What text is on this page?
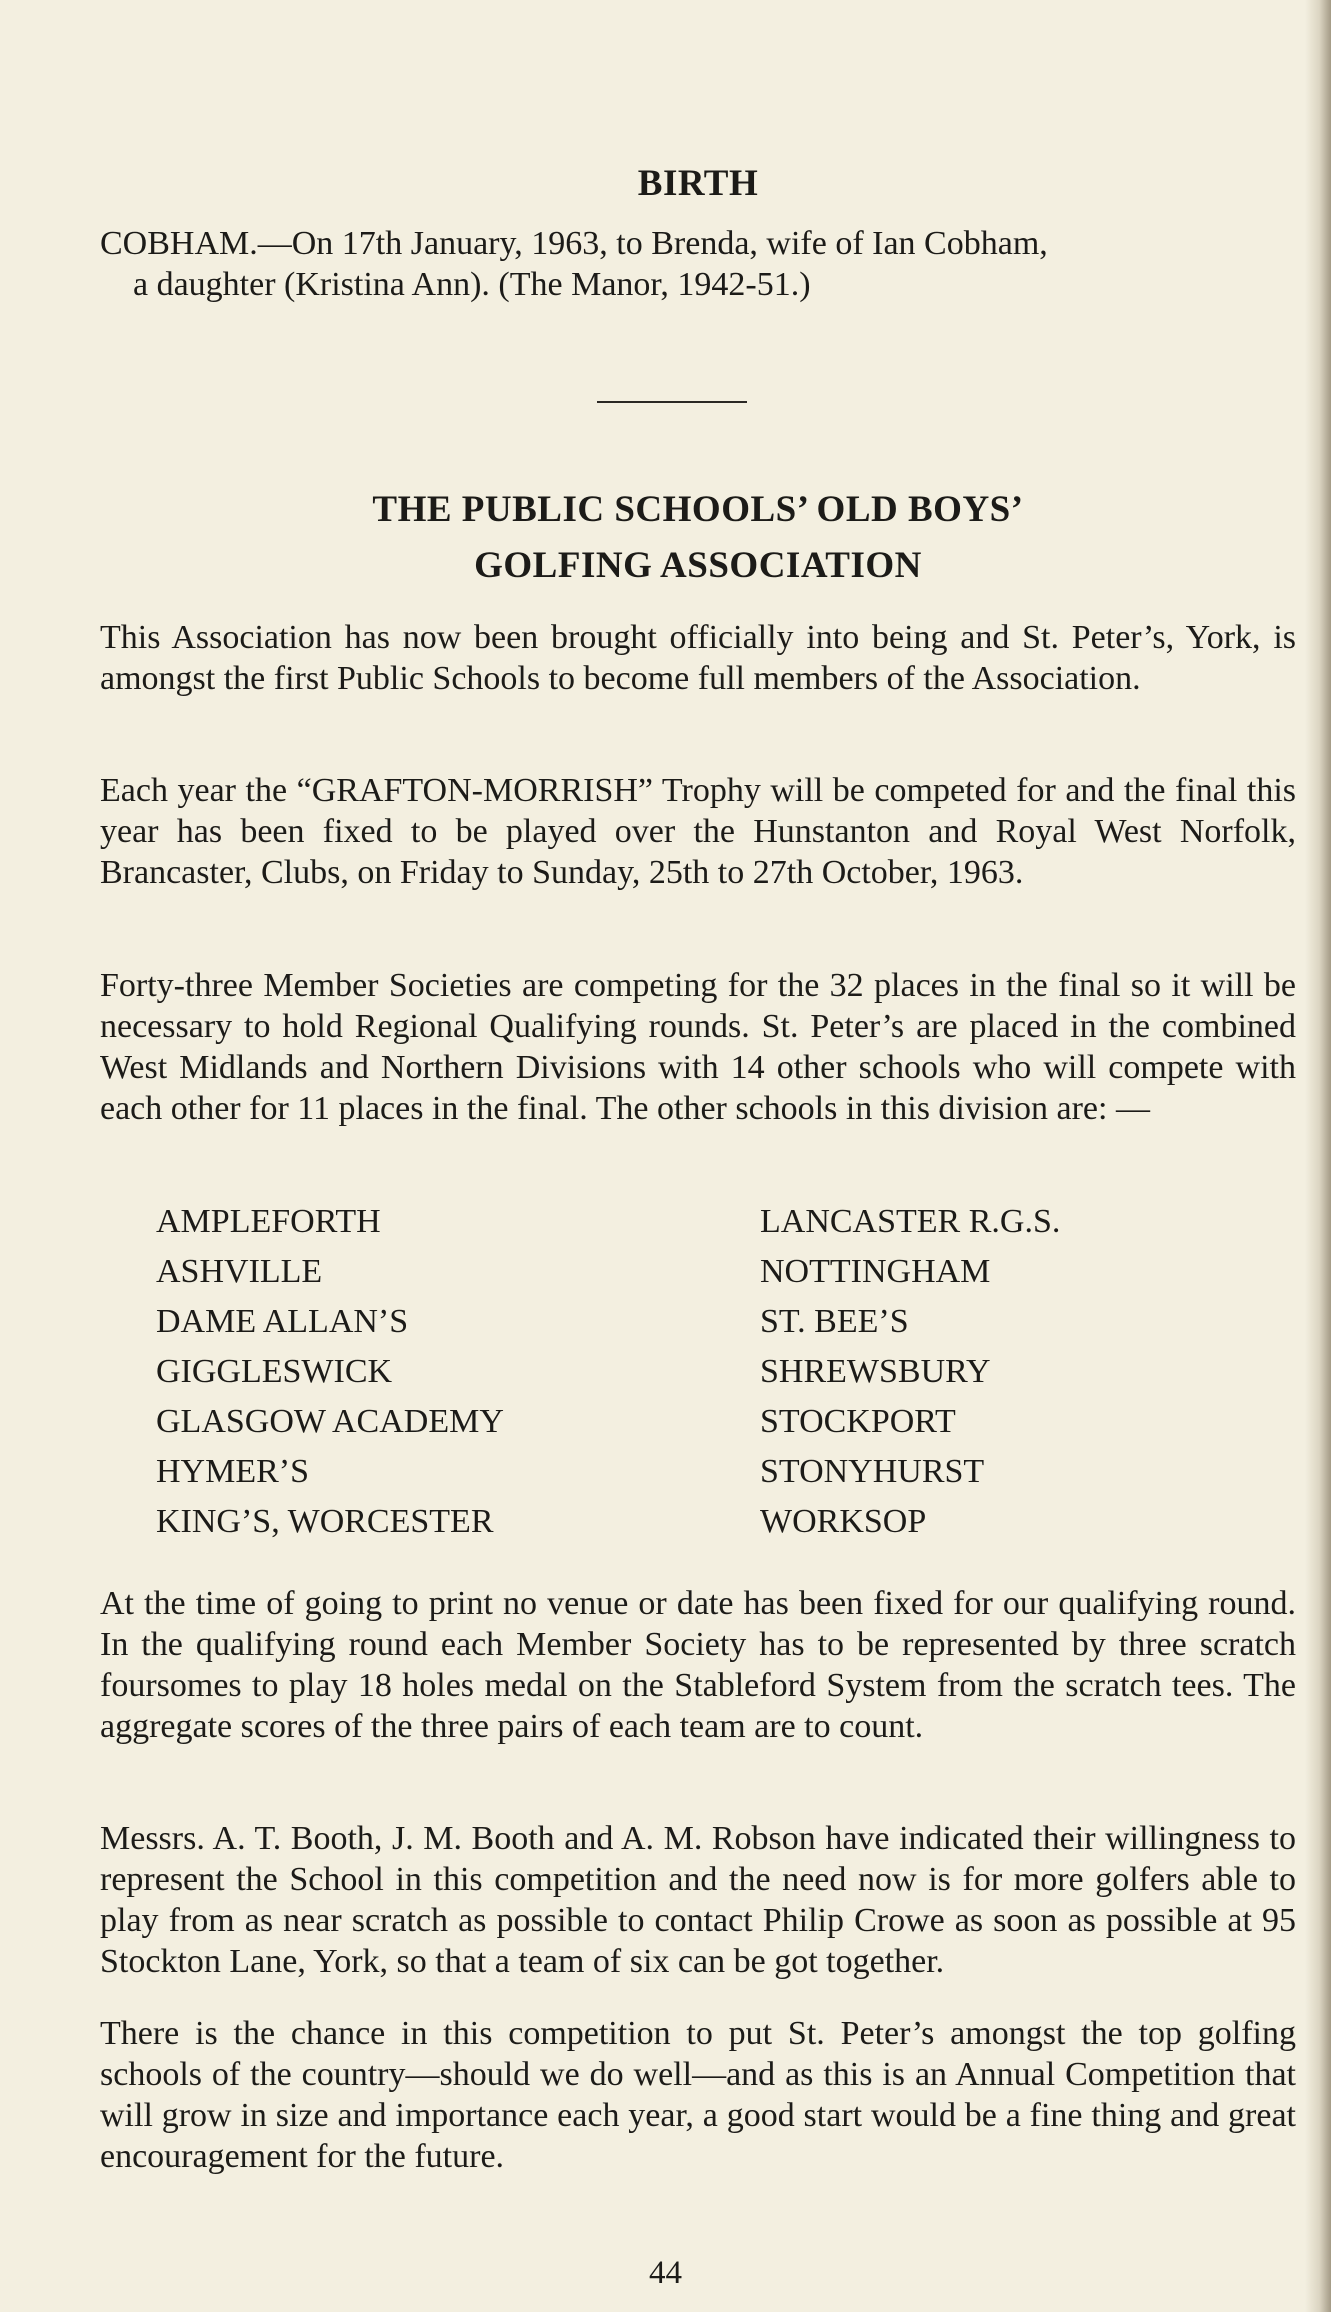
BIRTH
COBHAM.—On 17th January, 1963, to Brenda, wife of Ian Cobham,
a daughter (Kristina Ann). (The Manor, 1942-51.)
THE PUBLIC SCHOOLS’ OLD BOYS’
GOLFING ASSOCIATION

This Association has now been brought officially into being and St. Peter’s, York, is amongst the first Public Schools to become full members of the Association.

Each year the “GRAFTON-MORRISH” Trophy will be competed for and the final this year has been fixed to be played over the Hunstanton and Royal West Norfolk, Brancaster, Clubs, on Friday to Sunday, 25th to 27th October, 1963.

Forty-three Member Societies are competing for the 32 places in the final so it will be necessary to hold Regional Qualifying rounds. St. Peter’s are placed in the combined West Midlands and Northern Divisions with 14 other schools who will compete with each other for 11 places in the final. The other schools in this division are: —

AMPLEFORTH	LANCASTER R.G.S.
ASHVILLE	NOTTINGHAM
DAME ALLAN’S	ST. BEE’S
GIGGLESWICK	SHREWSBURY
GLASGOW ACADEMY	STOCKPORT
HYMER’S	STONYHURST
KING’S, WORCESTER	WORKSOP

At the time of going to print no venue or date has been fixed for our qualifying round. In the qualifying round each Member Society has to be represented by three scratch foursomes to play 18 holes medal on the Stableford System from the scratch tees. The aggregate scores of the three pairs of each team are to count.

Messrs. A. T. Booth, J. M. Booth and A. M. Robson have indicated their willingness to represent the School in this competition and the need now is for more golfers able to play from as near scratch as possible to contact Philip Crowe as soon as possible at 95 Stockton Lane, York, so that a team of six can be got together.

There is the chance in this competition to put St. Peter’s amongst the top golfing schools of the country—should we do well—and as this is an Annual Competition that will grow in size and importance each year, a good start would be a fine thing and great encouragement for the future.

44
